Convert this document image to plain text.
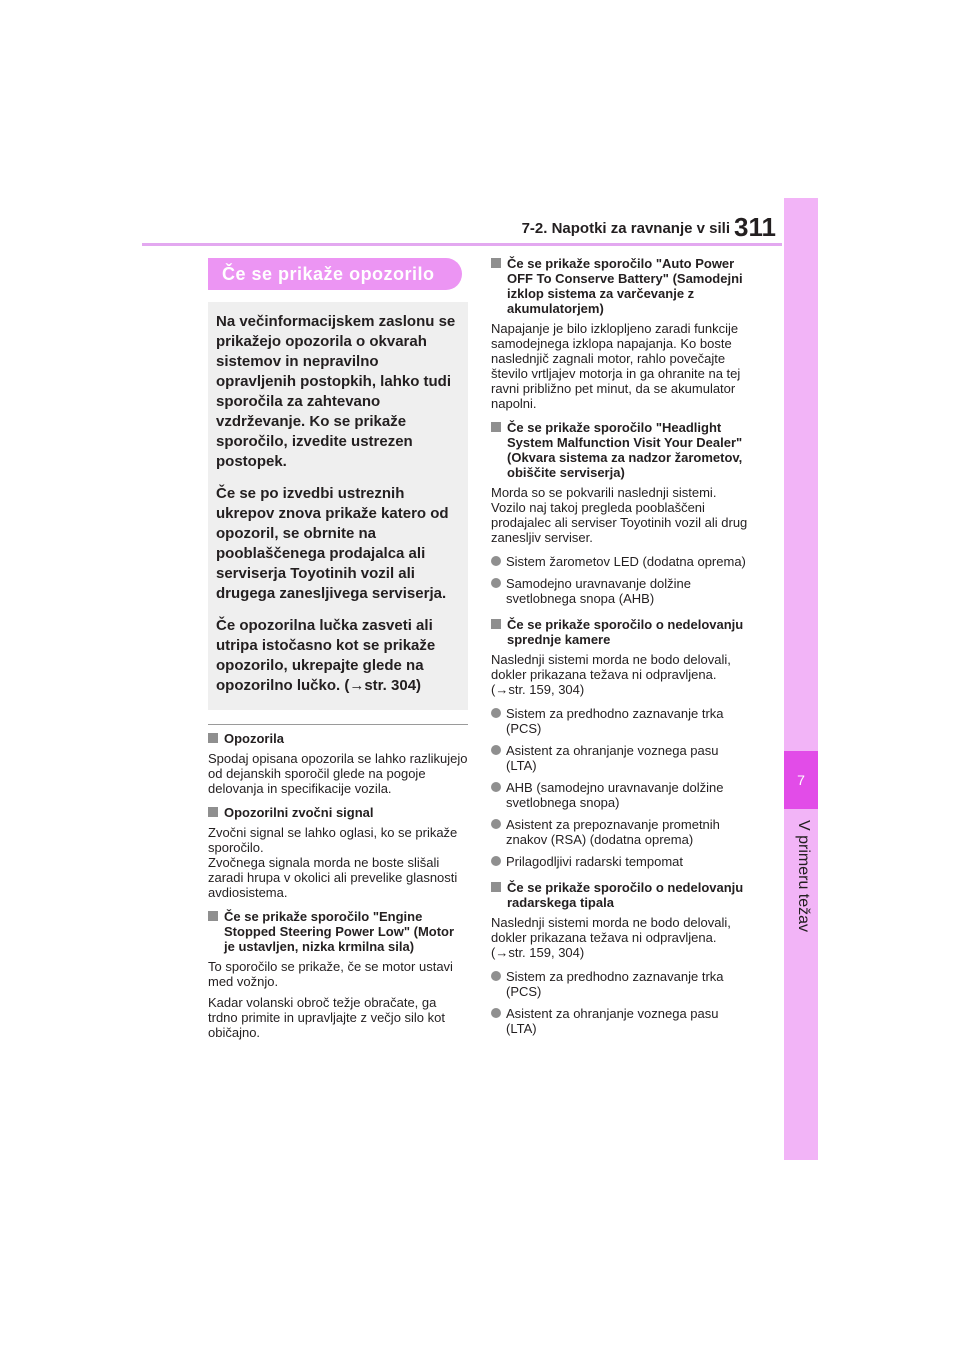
7-2. Napotki za ravnanje v sili 311
7
V primeru težav
Če se prikaže opozorilo

Na večinformacijskem zaslonu se prikažejo opozorila o okvarah sistemov in nepravilno opravljenih postopkih, lahko tudi sporočila za zahtevano vzdrževanje. Ko se prikaže sporočilo, izvedite ustrezen postopek.

Če se po izvedbi ustreznih ukrepov znova prikaže katero od opozoril, se obrnite na pooblaščenega prodajalca ali serviserja Toyotinih vozil ali drugega zanesljivega serviserja.

Če opozorilna lučka zasveti ali utripa istočasno kot se prikaže opozorilo, ukrepajte glede na opozorilno lučko. (→str. 304)

Opozorila
Spodaj opisana opozorila se lahko razlikujejo od dejanskih sporočil glede na pogoje delovanja in specifikacije vozila.
Opozorilni zvočni signal
Zvočni signal se lahko oglasi, ko se prikaže sporočilo.
Zvočnega signala morda ne boste slišali zaradi hrupa v okolici ali prevelike glasnosti avdiosistema.
Če se prikaže sporočilo "Engine Stopped Steering Power Low" (Motor je ustavljen, nizka krmilna sila)
To sporočilo se prikaže, če se motor ustavi med vožnjo.
Kadar volanski obroč težje obračate, ga trdno primite in upravljajte z večjo silo kot običajno.
Če se prikaže sporočilo "Auto Power OFF To Conserve Battery" (Samodejni izklop sistema za varčevanje z akumulatorjem)
Napajanje je bilo izklopljeno zaradi funkcije samodejnega izklopa napajanja. Ko boste naslednjič zagnali motor, rahlo povečajte število vrtljajev motorja in ga ohranite na tej ravni približno pet minut, da se akumulator napolni.
Če se prikaže sporočilo "Headlight System Malfunction Visit Your Dealer" (Okvara sistema za nadzor žarometov, obiščite serviserja)
Morda so se pokvarili naslednji sistemi. Vozilo naj takoj pregleda pooblaščeni prodajalec ali serviser Toyotinih vozil ali drug zanesljiv serviser.
Sistem žarometov LED (dodatna oprema)
Samodejno uravnavanje dolžine svetlobnega snopa (AHB)
Če se prikaže sporočilo o nedelovanju sprednje kamere
Naslednji sistemi morda ne bodo delovali, dokler prikazana težava ni odpravljena. (→str. 159, 304)
Sistem za predhodno zaznavanje trka (PCS)
Asistent za ohranjanje voznega pasu (LTA)
AHB (samodejno uravnavanje dolžine svetlobnega snopa)
Asistent za prepoznavanje prometnih znakov (RSA) (dodatna oprema)
Prilagodljivi radarski tempomat
Če se prikaže sporočilo o nedelovanju radarskega tipala
Naslednji sistemi morda ne bodo delovali, dokler prikazana težava ni odpravljena. (→str. 159, 304)
Sistem za predhodno zaznavanje trka (PCS)
Asistent za ohranjanje voznega pasu (LTA)
